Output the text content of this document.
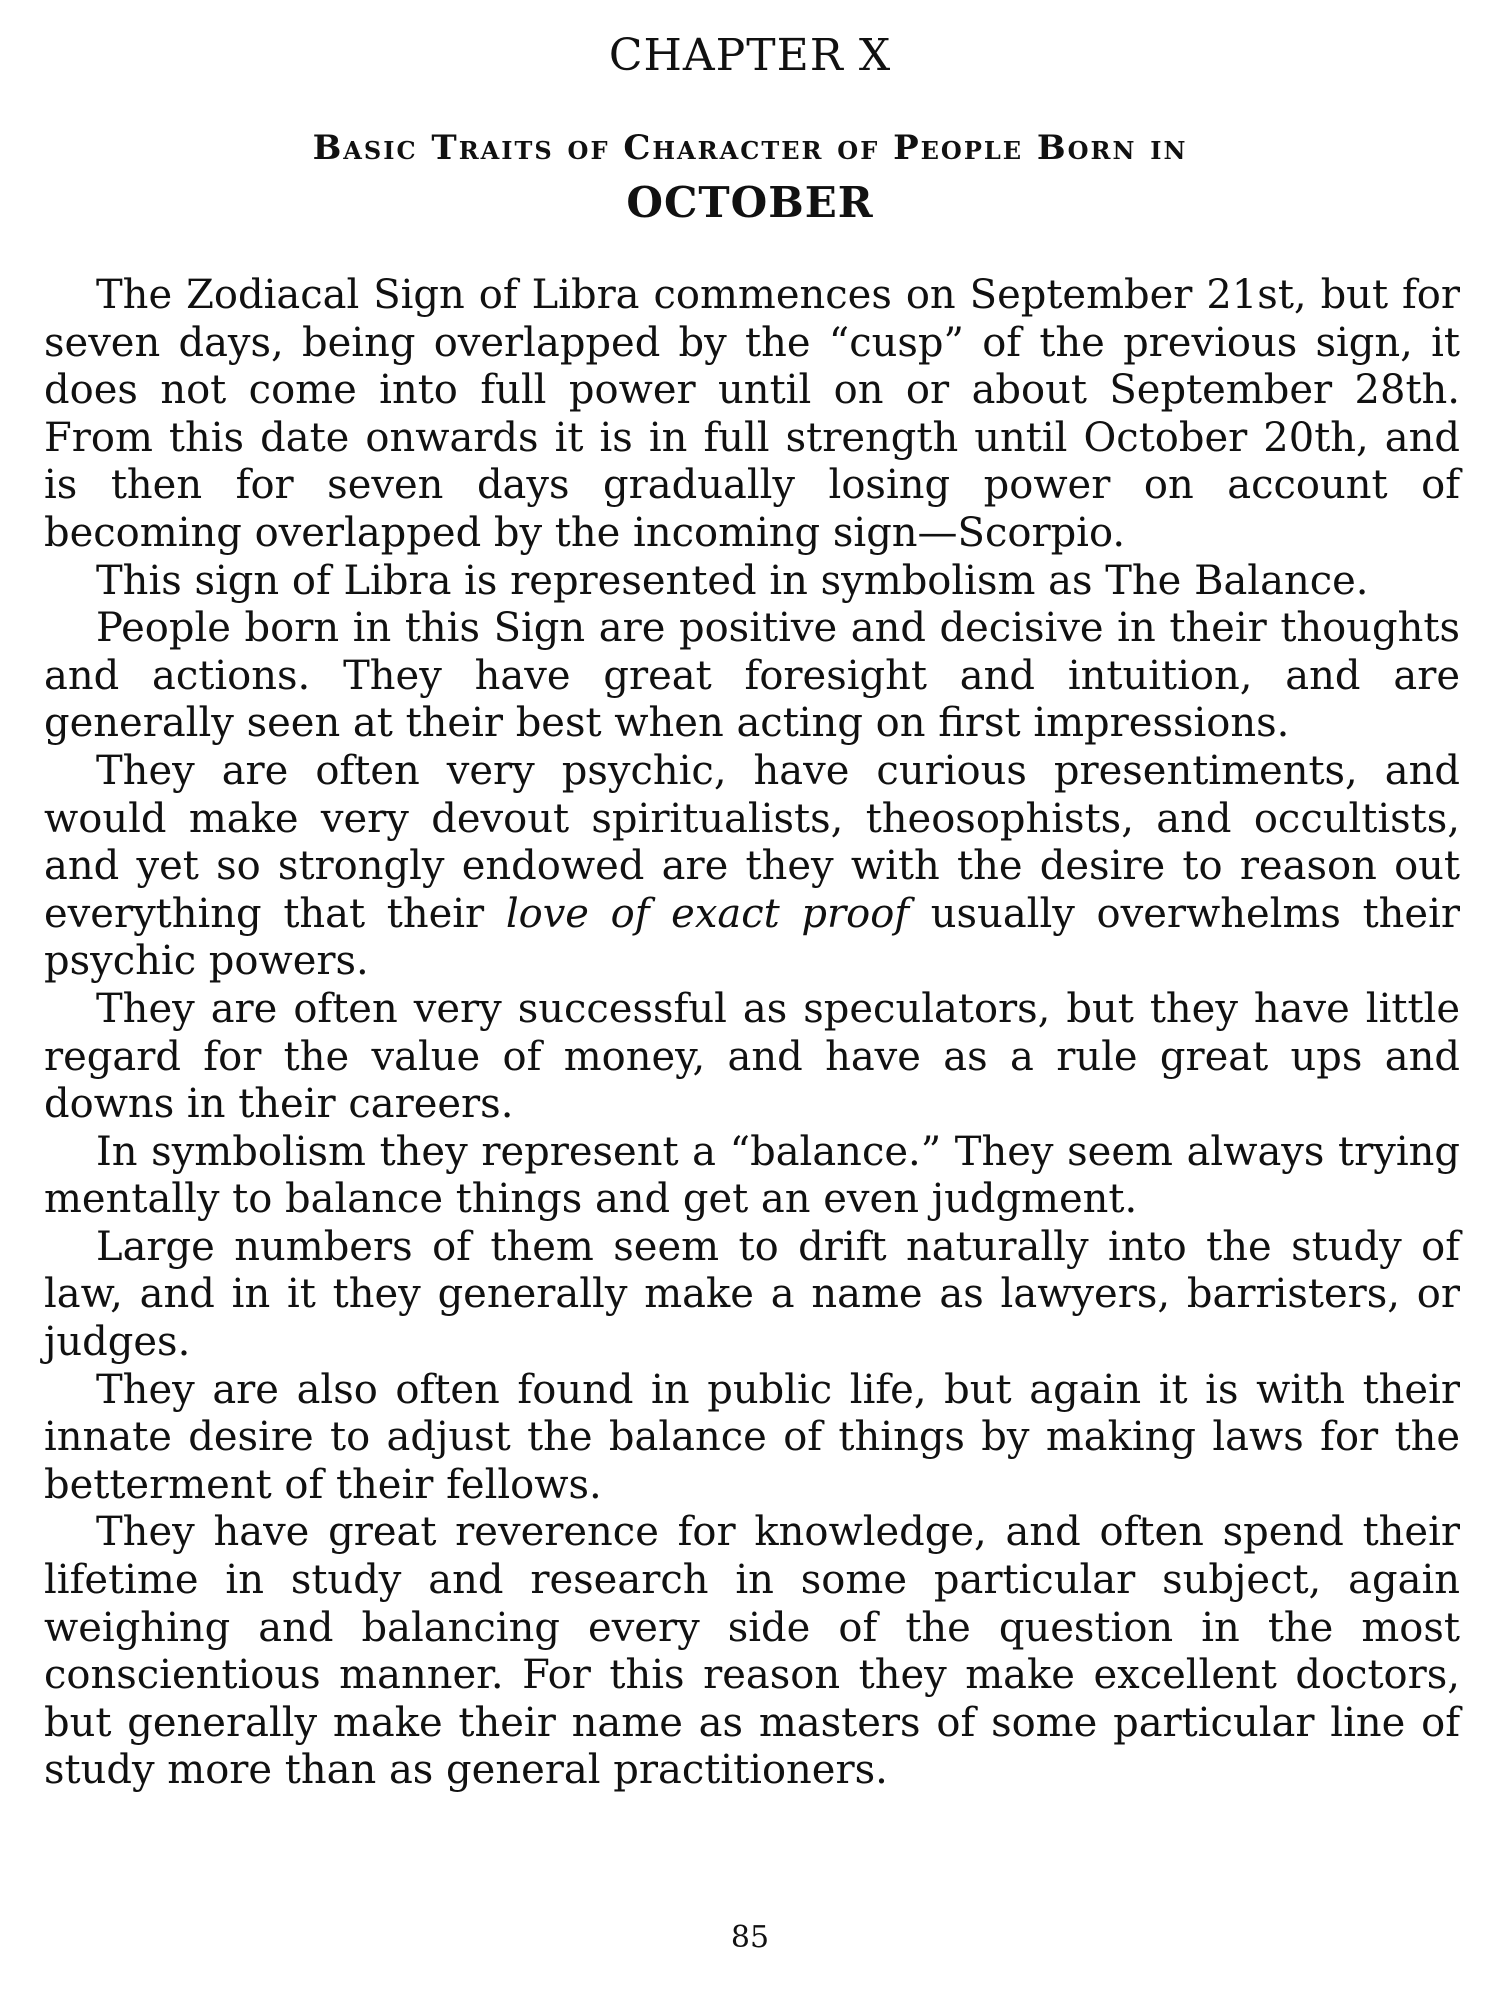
CHAPTER X
Basic Traits of Character of People Born in
OCTOBER

The Zodiacal Sign of Libra commences on September 21st, but for seven days, being overlapped by the “cusp” of the previous sign, it does not come into full power until on or about September 28th. From this date onwards it is in full strength until October 20th, and is then for seven days gradually losing power on account of becoming overlapped by the incoming sign—Scorpio.

This sign of Libra is represented in symbolism as The Balance.

People born in this Sign are positive and decisive in their thoughts and actions. They have great foresight and intuition, and are generally seen at their best when acting on first impressions.

They are often very psychic, have curious presentiments, and would make very devout spiritualists, theosophists, and occultists, and yet so strongly endowed are they with the desire to reason out everything that their love of exact proof usually overwhelms their psychic powers.

They are often very successful as speculators, but they have little regard for the value of money, and have as a rule great ups and downs in their careers.

In symbolism they represent a “balance.” They seem always trying mentally to balance things and get an even judgment.

Large numbers of them seem to drift naturally into the study of law, and in it they generally make a name as lawyers, barristers, or judges.

They are also often found in public life, but again it is with their innate desire to adjust the balance of things by making laws for the betterment of their fellows.

They have great reverence for knowledge, and often spend their lifetime in study and research in some particular subject, again weighing and balancing every side of the question in the most conscientious manner. For this reason they make excellent doctors, but generally make their name as masters of some particular line of study more than as general practitioners.

85
